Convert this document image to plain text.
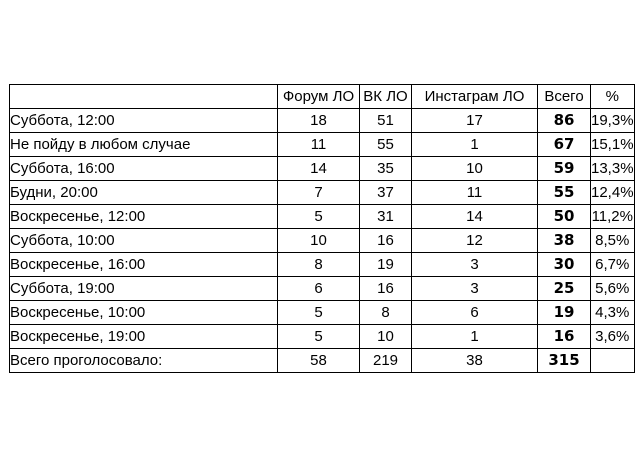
	Форум ЛО	ВК ЛО	Инстаграм ЛО	Всего	%
Суббота, 12:00	18	51	17	86	19,3%
Не пойду в любом случае	11	55	1	67	15,1%
Суббота, 16:00	14	35	10	59	13,3%
Будни, 20:00	7	37	11	55	12,4%
Воскресенье, 12:00	5	31	14	50	11,2%
Суббота, 10:00	10	16	12	38	8,5%
Воскресенье, 16:00	8	19	3	30	6,7%
Суббота, 19:00	6	16	3	25	5,6%
Воскресенье, 10:00	5	8	6	19	4,3%
Воскресенье, 19:00	5	10	1	16	3,6%
Всего проголосовало:	58	219	38	315	
